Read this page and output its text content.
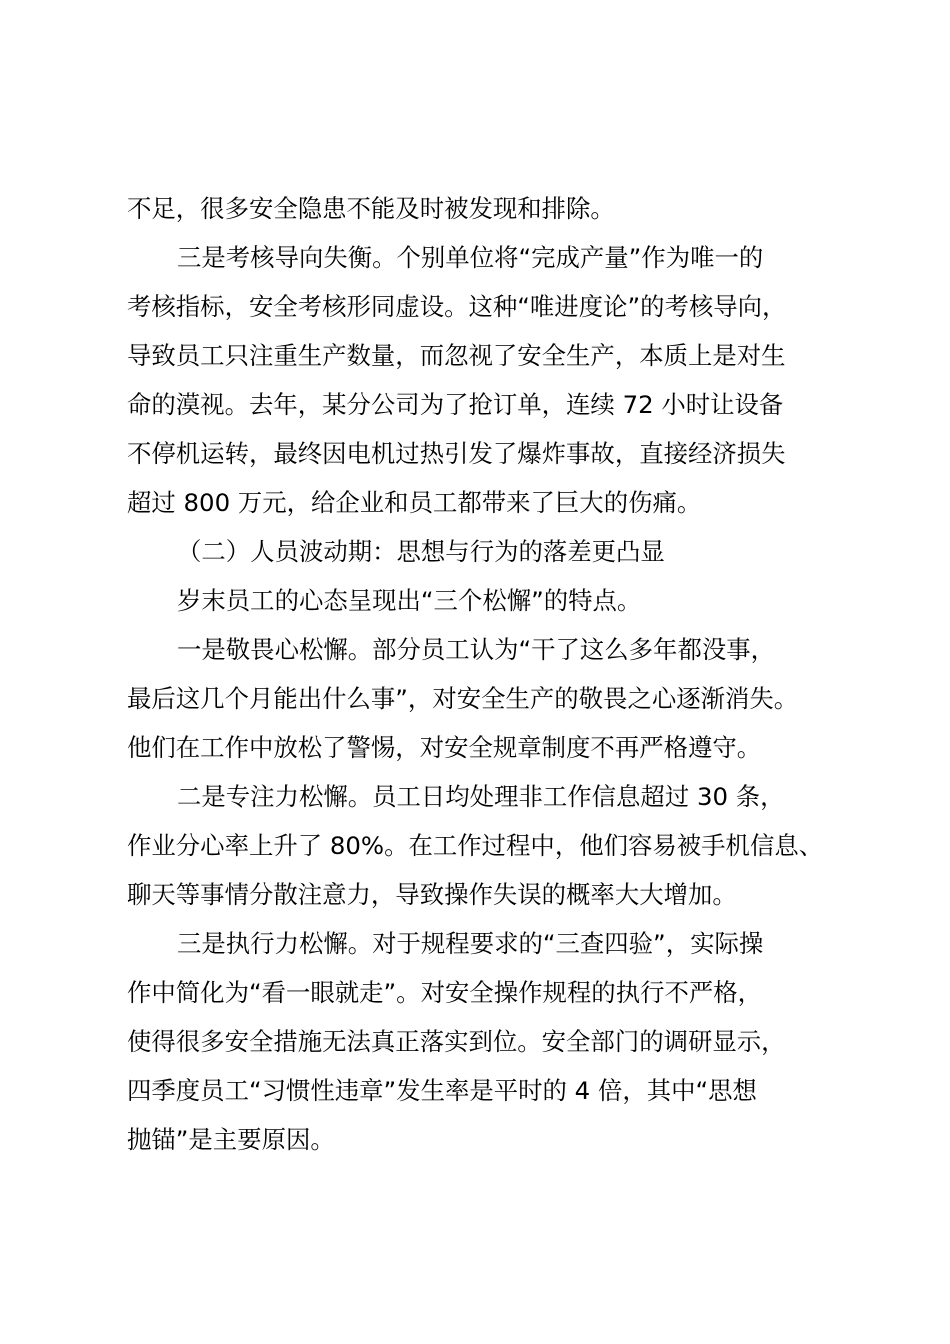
不足，很多安全隐患不能及时被发现和排除。
三是考核导向失衡。个别单位将“完成产量”作为唯一的
考核指标，安全考核形同虚设。这种“唯进度论”的考核导向，
导致员工只注重生产数量，而忽视了安全生产，本质上是对生
命的漠视。去年，某分公司为了抢订单，连续 72 小时让设备
不停机运转，最终因电机过热引发了爆炸事故，直接经济损失
超过 800 万元，给企业和员工都带来了巨大的伤痛。
（二）人员波动期：思想与行为的落差更凸显
岁末员工的心态呈现出“三个松懈”的特点。
一是敬畏心松懈。部分员工认为“干了这么多年都没事，
最后这几个月能出什么事”，对安全生产的敬畏之心逐渐消失。
他们在工作中放松了警惕，对安全规章制度不再严格遵守。
二是专注力松懈。员工日均处理非工作信息超过 30 条，
作业分心率上升了 80%。在工作过程中，他们容易被手机信息、
聊天等事情分散注意力，导致操作失误的概率大大增加。
三是执行力松懈。对于规程要求的“三查四验”，实际操
作中简化为“看一眼就走”。对安全操作规程的执行不严格，
使得很多安全措施无法真正落实到位。安全部门的调研显示，
四季度员工“习惯性违章”发生率是平时的 4 倍，其中“思想
抛锚”是主要原因。
